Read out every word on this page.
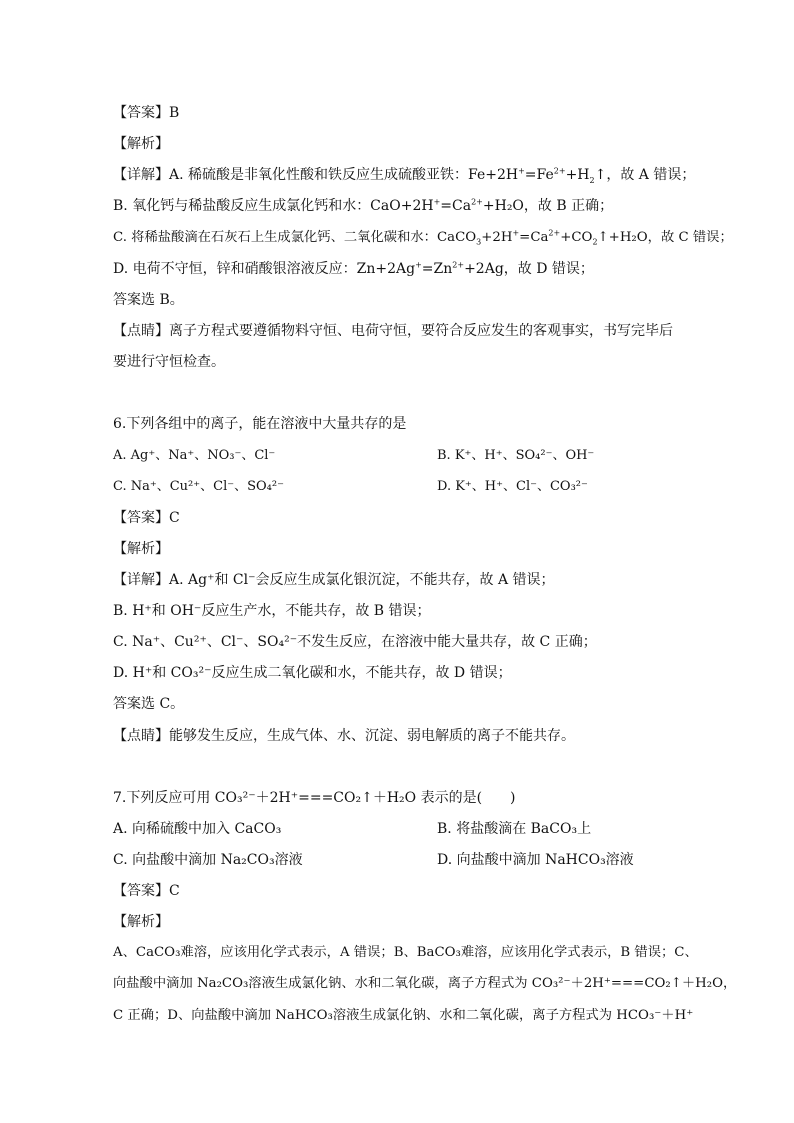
【答案】B
【解析】
【详解】A. 稀硫酸是非氧化性酸和铁反应生成硫酸亚铁：$Fe+2H^+=Fe^{2+}+H_2↑$，故 A 错误；
B. 氧化钙与稀盐酸反应生成氯化钙和水：$CaO+2H^+=Ca^{2+}+H_2O$，故 B 正确；
C. 将稀盐酸滴在石灰石上生成氯化钙、二氧化碳和水：$CaCO_3+2H^+=Ca^{2+}+CO_2↑+H_2O$，故 C 错误；
D. 电荷不守恒，锌和硝酸银溶液反应：$Zn+2Ag^+=Zn^{2+}+2Ag$，故 D 错误；
答案选 B。
【点睛】离子方程式要遵循物料守恒、电荷守恒，要符合反应发生的客观事实，书写完毕后
要进行守恒检查。
6.下列各组中的离子，能在溶液中大量共存的是
A. Ag⁺、Na⁺、NO₃⁻、Cl⁻	B. K⁺、H⁺、SO₄²⁻、OH⁻
C. Na⁺、Cu²⁺、Cl⁻、SO₄²⁻	D. K⁺、H⁺、Cl⁻、CO₃²⁻
【答案】C
【解析】
【详解】A. Ag⁺和 Cl⁻会反应生成氯化银沉淀，不能共存，故 A 错误；
B. H⁺和 OH⁻反应生产水，不能共存，故 B 错误；
C. Na⁺、Cu²⁺、Cl⁻、SO₄²⁻不发生反应，在溶液中能大量共存，故 C 正确；
D. H⁺和 CO₃²⁻反应生成二氧化碳和水，不能共存，故 D 错误；
答案选 C。
【点睛】能够发生反应，生成气体、水、沉淀、弱电解质的离子不能共存。
7.下列反应可用 CO₃²⁻＋2H⁺===CO₂↑＋H₂O 表示的是(　　)
A. 向稀硫酸中加入 CaCO₃	B. 将盐酸滴在 BaCO₃上
C. 向盐酸中滴加 Na₂CO₃溶液	D. 向盐酸中滴加 NaHCO₃溶液
【答案】C
【解析】
A、CaCO₃难溶，应该用化学式表示，A 错误；B、BaCO₃难溶，应该用化学式表示，B 错误；C、
向盐酸中滴加 Na₂CO₃溶液生成氯化钠、水和二氧化碳，离子方程式为 CO₃²⁻＋2H⁺===CO₂↑＋H₂O，
C 正确；D、向盐酸中滴加 NaHCO₃溶液生成氯化钠、水和二氧化碳，离子方程式为 HCO₃⁻＋H⁺
